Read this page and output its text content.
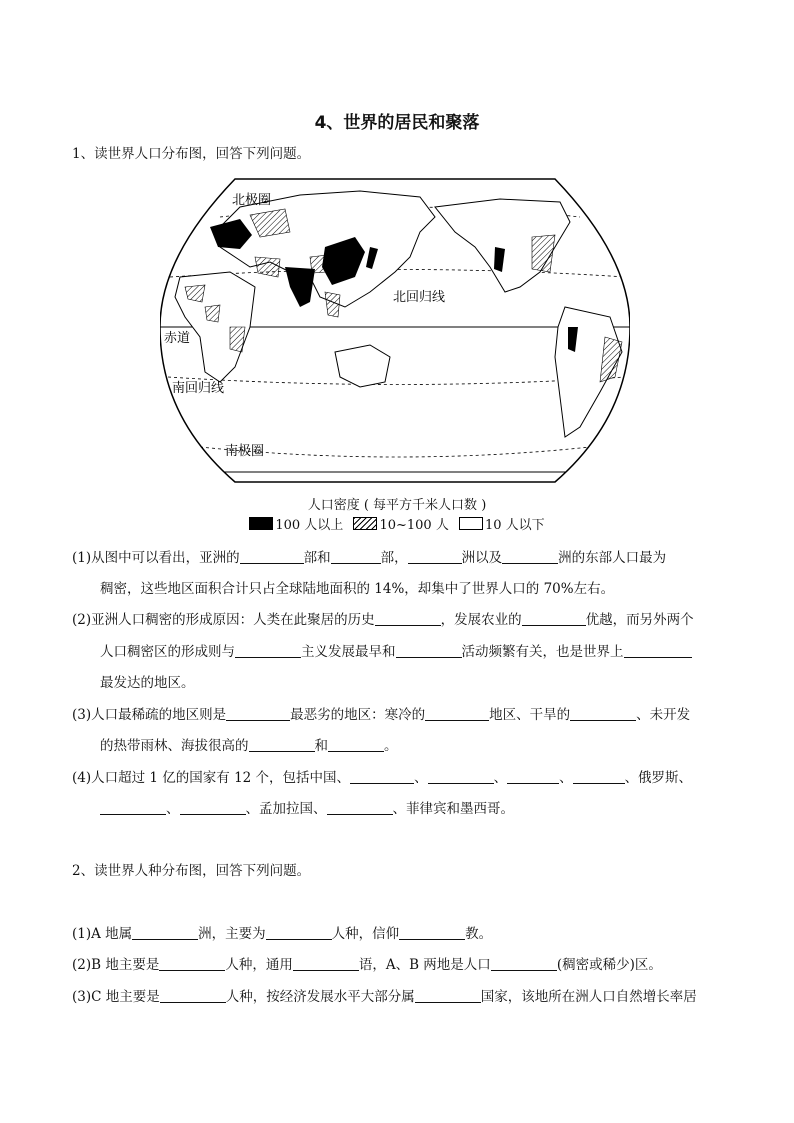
4、世界的居民和聚落
1、读世界人口分布图，回答下列问题。
北极圈
北回归线
赤道
南回归线
南极圈
人口密度 ( 每平方千米人口数 )
100 人以上	10~100 人	10 人以下
(1)从图中可以看出，亚洲的	部和	部，	洲以及	洲的东部人口最为
稠密，这些地区面积合计只占全球陆地面积的 14%，却集中了世界人口的 70%左右。
(2)亚洲人口稠密的形成原因：人类在此聚居的历史	，发展农业的	优越，而另外两个
人口稠密区的形成则与	主义发展最早和	活动频繁有关，也是世界上
最发达的地区。
(3)人口最稀疏的地区则是	最恶劣的地区：寒冷的	地区、干旱的	、未开发
的热带雨林、海拔很高的	和	。
(4)人口超过 1 亿的国家有 12 个，包括中国、	、	、	、	、俄罗斯、
、	、孟加拉国、	、菲律宾和墨西哥。
2、读世界人种分布图，回答下列问题。
(1)A 地属	洲，主要为	人种，信仰	教。
(2)B 地主要是	人种，通用	语，A、B 两地是人口	(稠密或稀少)区。
(3)C 地主要是	人种，按经济发展水平大部分属	国家，该地所在洲人口自然增长率居
